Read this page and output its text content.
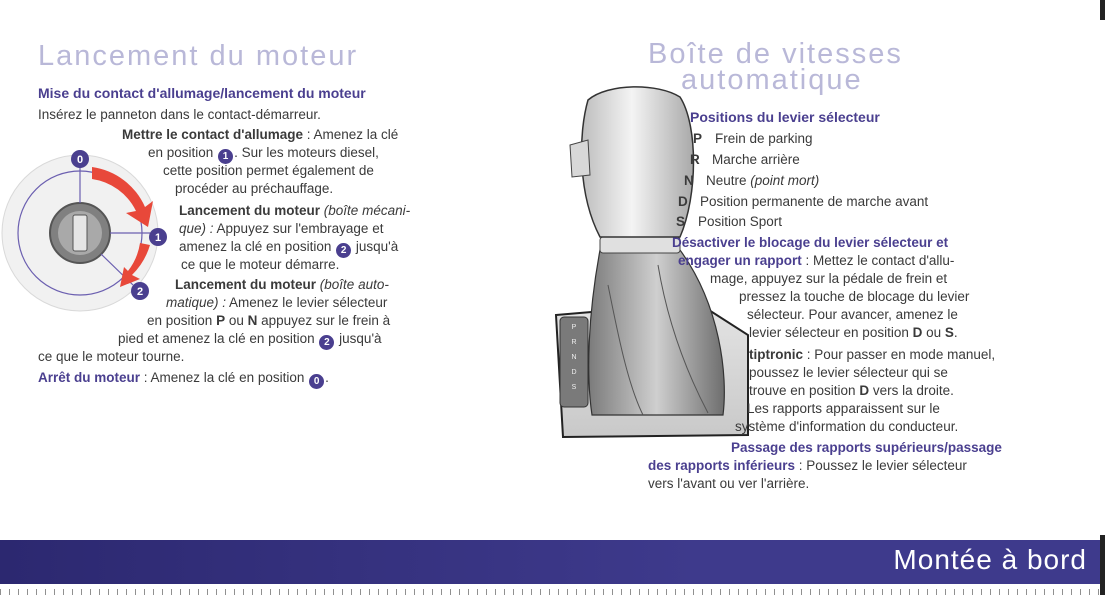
Lancement du moteur
Mise du contact d'allumage/lancement du moteur
Insérez le panneton dans le contact-démarreur.
Mettre le contact d'allumage : Amenez la clé
en position 1 . Sur les moteurs diesel,
cette position permet également de
procéder au préchauffage.
Lancement du moteur (boîte mécani-
que) : Appuyez sur l'embrayage et
amenez la clé en position 2 jusqu'à
ce que le moteur démarre.
Lancement du moteur (boîte auto-
matique) : Amenez le levier sélecteur
en position P ou N appuyez sur le frein à
pied et amenez la clé en position 2 jusqu'à
ce que le moteur tourne.
Arrêt du moteur : Amenez la clé en position 0 .
0
1
2
Boîte de vitesses
automatique
P
R
N
D
S
Positions du levier sélecteur
P Frein de parking
R Marche arrière
N Neutre (point mort)
D Position permanente de marche avant
S Position Sport
Désactiver le blocage du levier sélecteur et
engager un rapport : Mettez le contact d'allu-
mage, appuyez sur la pédale de frein et
pressez la touche de blocage du levier
sélecteur. Pour avancer, amenez le
levier sélecteur en position D ou S.
tiptronic : Pour passer en mode manuel,
poussez le levier sélecteur qui se
trouve en position D vers la droite.
Les rapports apparaissent sur le
système d'information du conducteur.
Passage des rapports supérieurs/passage
des rapports inférieurs : Poussez le levier sélecteur
vers l'avant ou ver l'arrière.
Montée à bord
